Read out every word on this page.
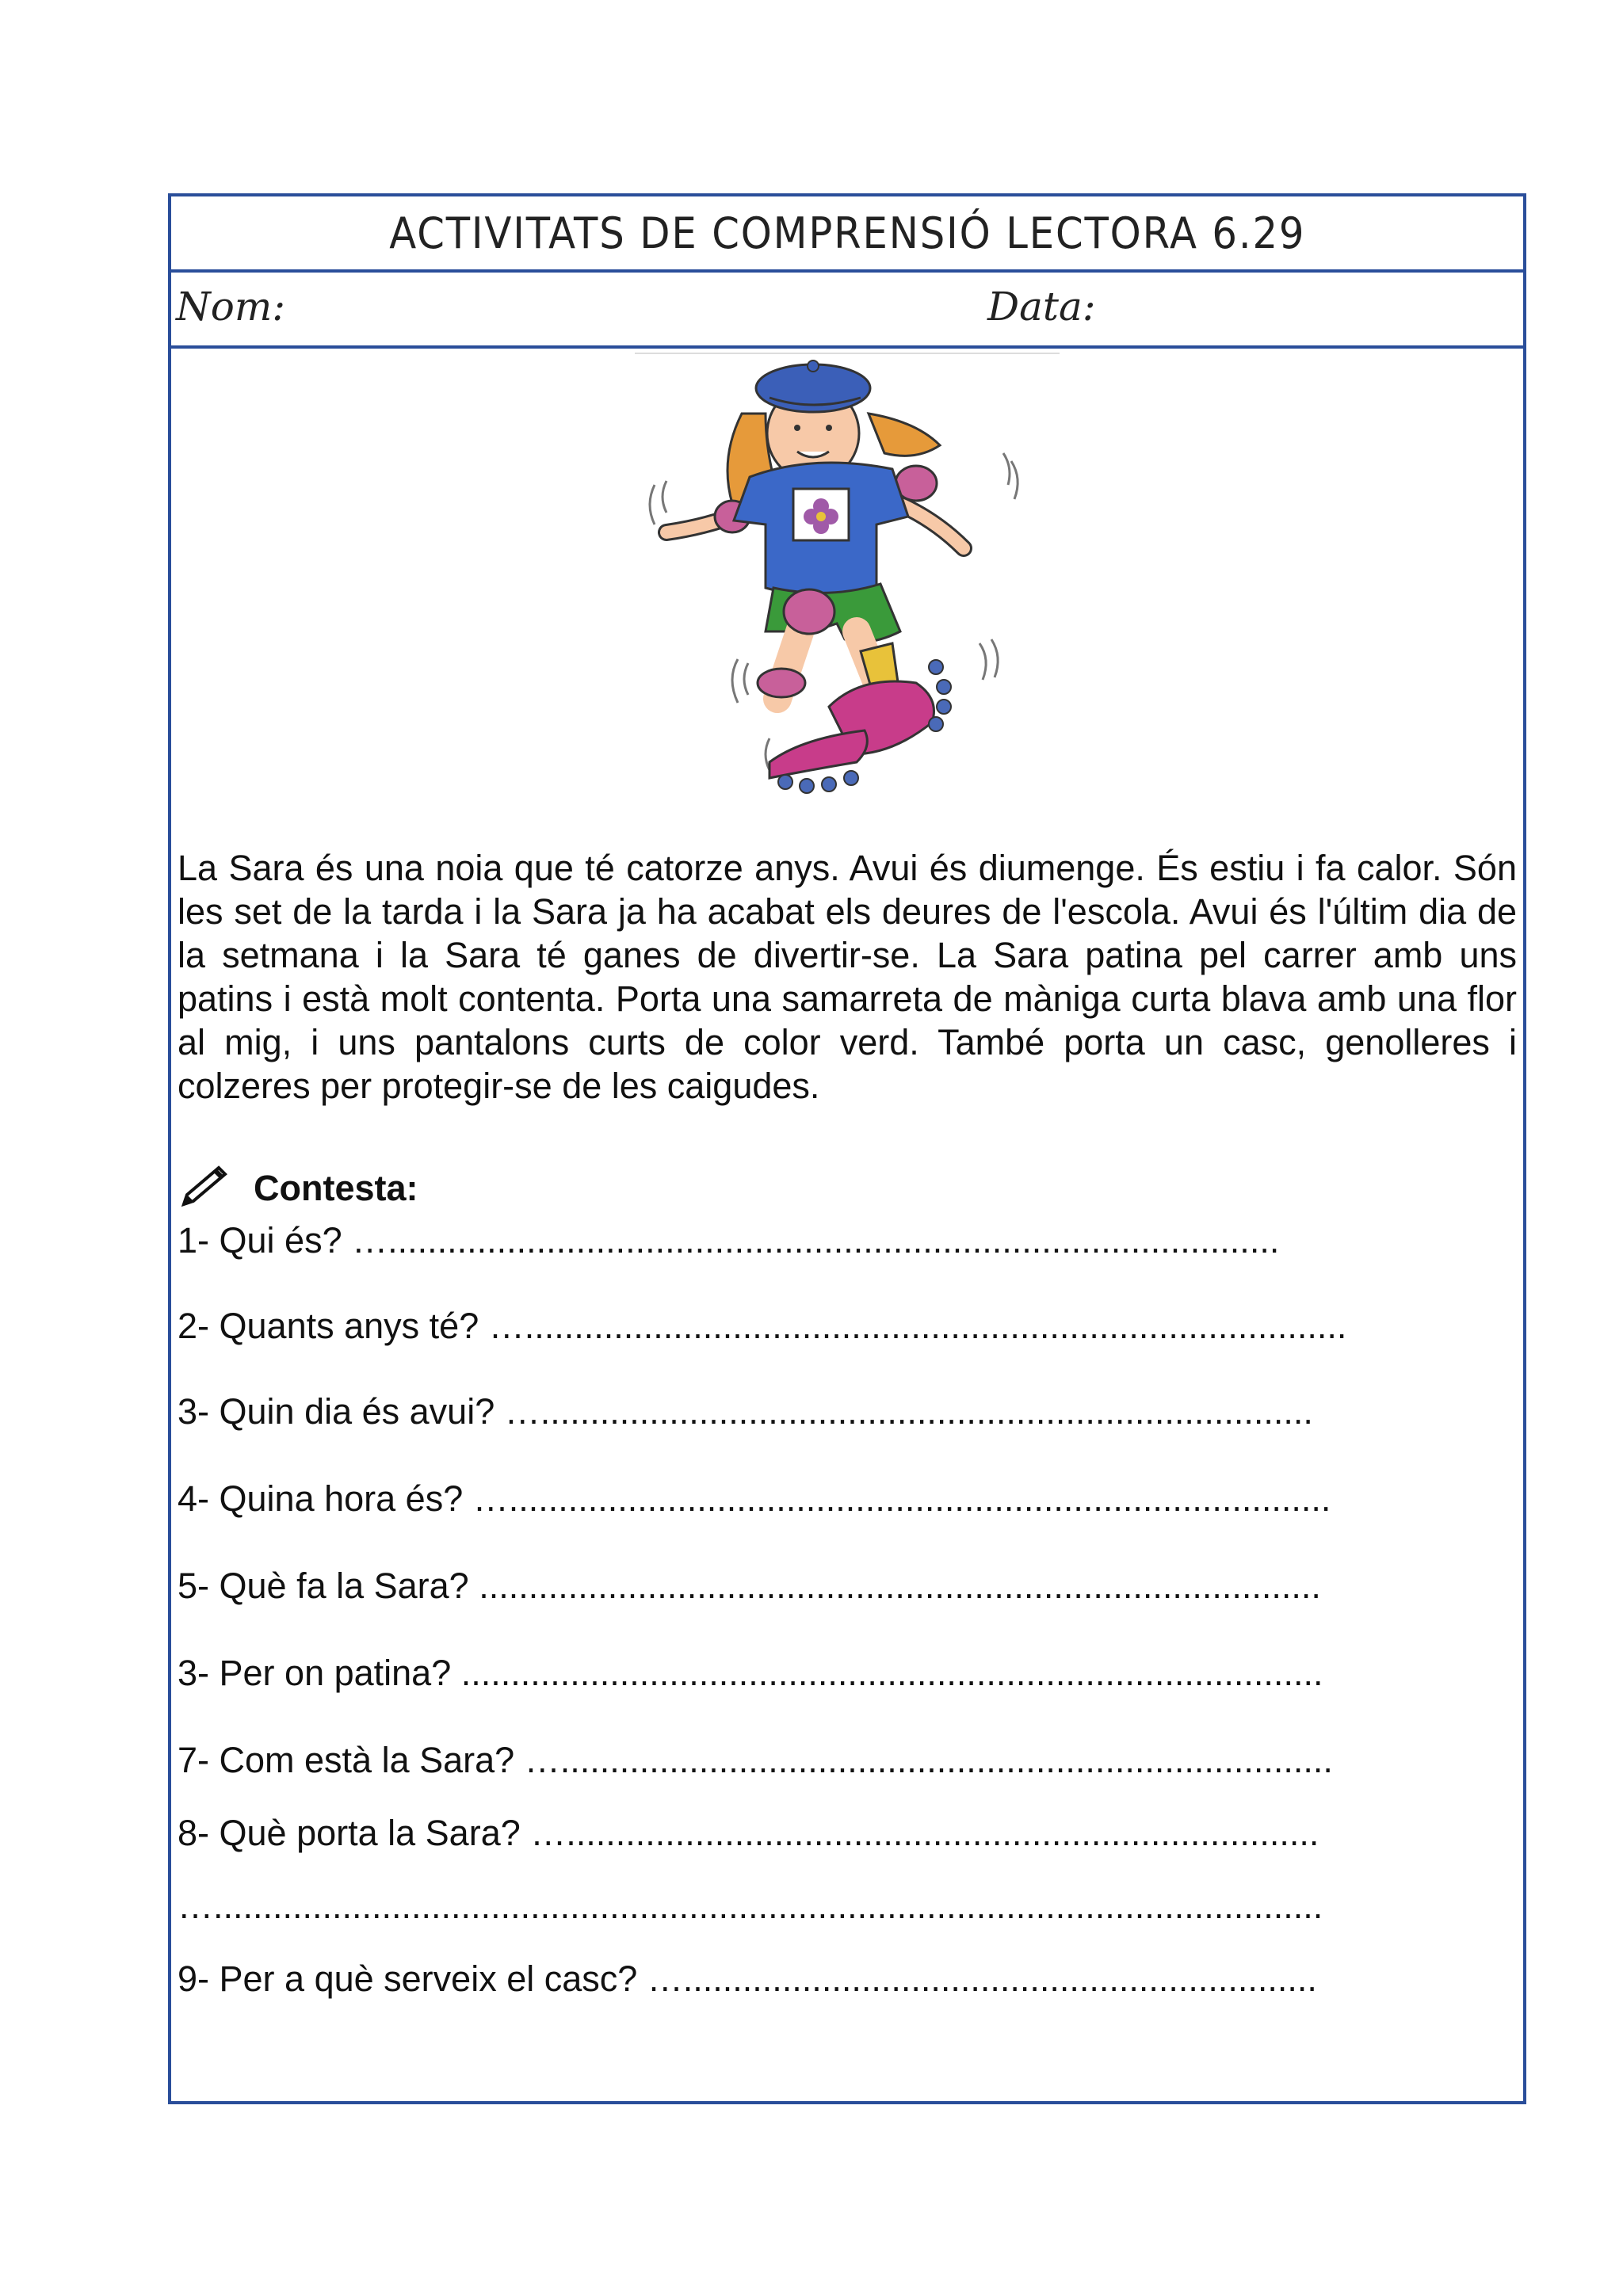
ACTIVITATS DE COMPRENSIÓ LECTORA 6.29
Nom:	Data:

La Sara és una noia que té catorze anys. Avui és diumenge. És estiu i fa calor. Són les set de la tarda i la Sara ja ha acabat els deures de l'escola. Avui és l'últim dia de la setmana i la Sara té ganes de divertir-se. La Sara patina pel carrer amb uns patins i està molt contenta. Porta una samarreta de màniga curta blava amb una flor al mig, i uns pantalons curts de color verd. També porta un casc, genolleres i colzeres per protegir-se de les caigudes.

Contesta:
1- Qui és? …..........................................................................................
2- Quants anys té? …...................................................................................
3- Quin dia és avui? …..............................................................................
4- Quina hora és? …...................................................................................
5- Què fa la Sara? .....................................................................................
3- Per on patina? .......................................................................................
7- Com està la Sara? …..............................................................................
8- Què porta la Sara? …............................................................................
…................................................................................................................
9- Per a què serveix el casc? …................................................................
